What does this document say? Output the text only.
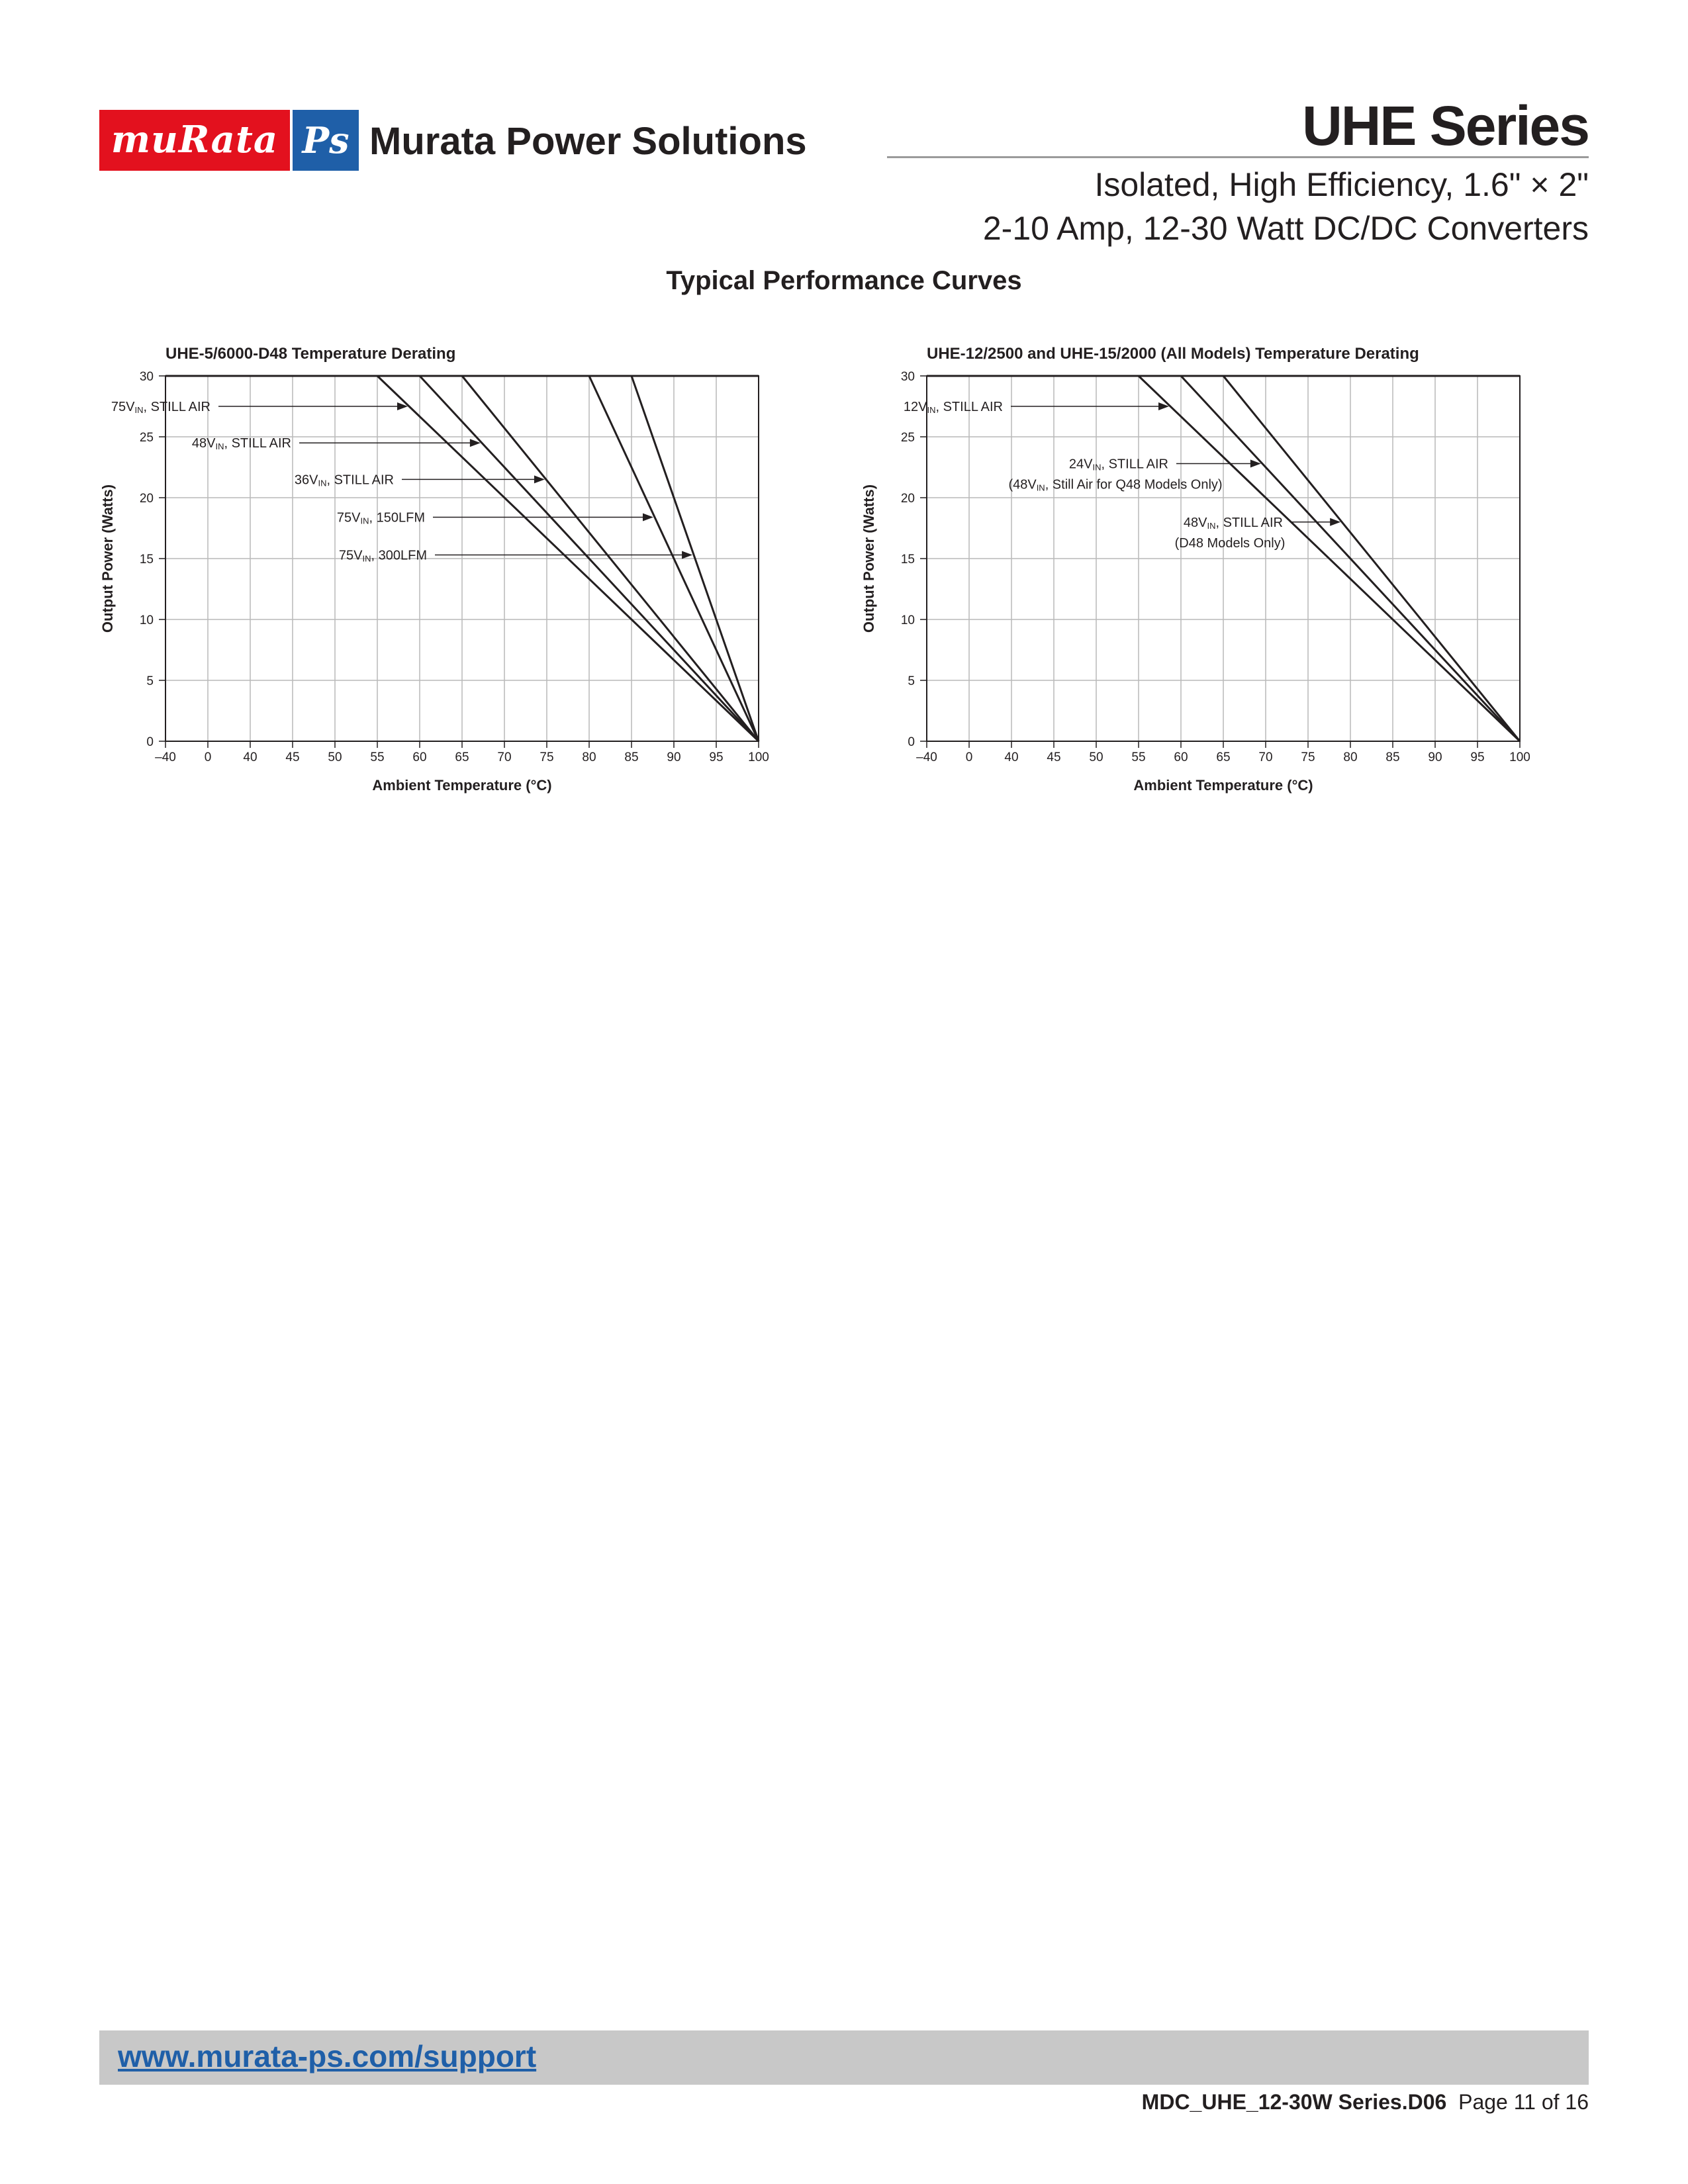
muRata Ps Murata Power Solutions	UHE Series
Isolated, High Efficiency, 1.6" × 2"
2-10 Amp, 12-30 Watt DC/DC Converters
Typical Performance Curves
UHE-5/6000-D48 Temperature Derating
–40 0	40 45 50 55 60 65 70 75 80 85 90 95 100
0
5
10
15
20
25
30
Ambient Temperature (°C)
Output Power (Watts)
75VIN, STILL AIR
48VIN, STILL AIR
36VIN, STILL AIR
75VIN, 150LFM
75VIN, 300LFM
UHE-12/2500 and UHE-15/2000 (All Models) Temperature Derating
–40 0	40 45 50 55 60 65 70 75 80 85 90 95 100
0
5
10
15
20
25
30
Ambient Temperature (°C)
Output Power (Watts)
12VIN, STILL AIR
24VIN, STILL AIR
(48VIN, Still Air for Q48 Models Only)
48VIN, STILL AIR
(D48 Models Only)
www.murata-ps.com/support
MDC_UHE_12-30W Series.D06 Page 11 of 16
